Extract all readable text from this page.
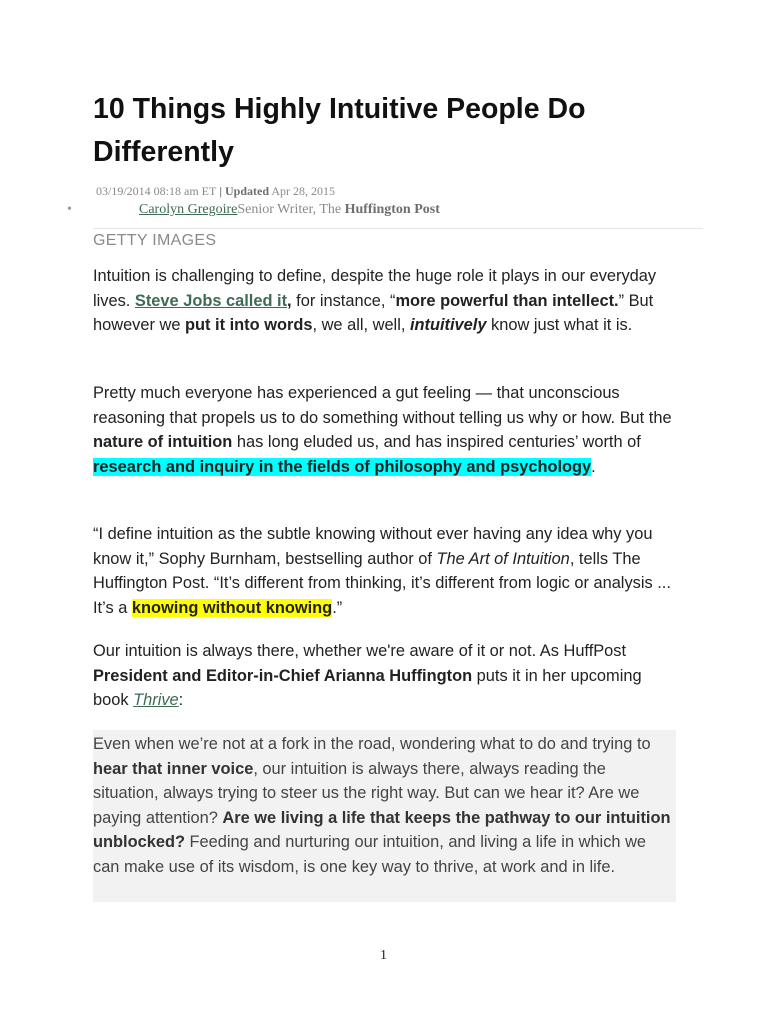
10 Things Highly Intuitive People Do Differently
03/19/2014 08:18 am ET | Updated Apr 28, 2015
•	Carolyn GregoireSenior Writer, The Huffington Post
GETTY IMAGES

Intuition is challenging to define, despite the huge role it plays in our everyday lives. Steve Jobs called it, for instance, “more powerful than intellect.” But however we put it into words, we all, well, intuitively know just what it is.

Pretty much everyone has experienced a gut feeling — that unconscious reasoning that propels us to do something without telling us why or how. But the nature of intuition has long eluded us, and has inspired centuries’ worth of research and inquiry in the fields of philosophy and psychology.

“I define intuition as the subtle knowing without ever having any idea why you know it,” Sophy Burnham, bestselling author of The Art of Intuition, tells The Huffington Post. “It’s different from thinking, it’s different from logic or analysis ... It’s a knowing without knowing.”

Our intuition is always there, whether we're aware of it or not. As HuffPost President and Editor-in-Chief Arianna Huffington puts it in her upcoming book Thrive:

Even when we’re not at a fork in the road, wondering what to do and trying to hear that inner voice, our intuition is always there, always reading the situation, always trying to steer us the right way. But can we hear it? Are we paying attention? Are we living a life that keeps the pathway to our intuition unblocked? Feeding and nurturing our intuition, and living a life in which we can make use of its wisdom, is one key way to thrive, at work and in life.

1
